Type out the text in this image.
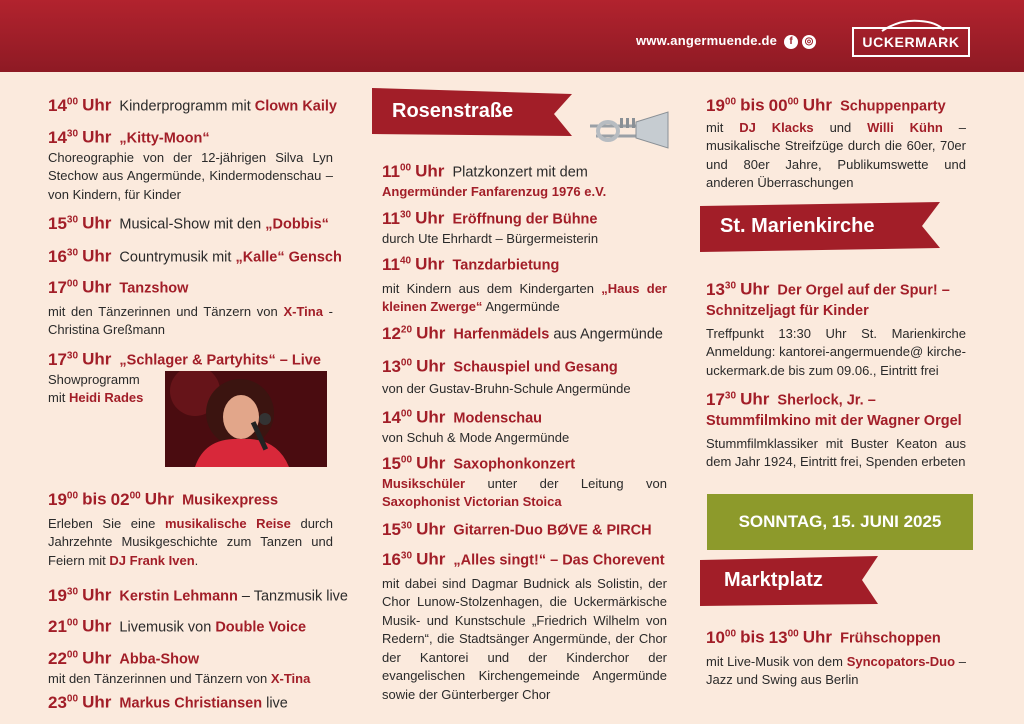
www.angermuende.de	f	◎	UCKERMARK
$14^{00}$ Uhr  Kinderprogramm mit Clown Kaily
$14^{30}$ Uhr „Kitty-Moon“
Choreographie von der 12-jährigen Silva Lyn Stechow aus Angermünde, Kindermodenschau – von Kindern, für Kinder
$15^{30}$ Uhr  Musical-Show mit den „Dobbis“
$16^{30}$ Uhr  Countrymusik mit „Kalle“ Gensch
$17^{00}$ Uhr Tanzshow
mit den Tänzerinnen und Tänzern von X-Tina - Christina Greßmann
$17^{30}$ Uhr „Schlager & Partyhits“ – Live
Showprogramm mit Heidi Rades
$19^{00}$ bis $02^{00}$ Uhr Musikexpress
Erleben Sie eine musikalische Reise durch Jahrzehnte Musikgeschichte zum Tanzen und Feiern mit DJ Frank Iven.
$19^{30}$ Uhr Kerstin Lehmann – Tanzmusik live
$21^{00}$ Uhr  Livemusik von Double Voice
$22^{00}$ Uhr Abba-Show
mit den Tänzerinnen und Tänzern von X-Tina
$23^{00}$ Uhr Markus Christiansen live
Rosenstraße
$11^{00}$ Uhr  Platzkonzert mit dem
Angermünder Fanfarenzug 1976 e.V.
$11^{30}$ Uhr Eröffnung der Bühne
durch Ute Ehrhardt – Bürgermeisterin
$11^{40}$ Uhr Tanzdarbietung
mit Kindern aus dem Kindergarten „Haus der kleinen Zwerge“ Angermünde
$12^{20}$ Uhr Harfenmädels aus Angermünde
$13^{00}$ Uhr Schauspiel und Gesang
von der Gustav-Bruhn-Schule Angermünde
$14^{00}$ Uhr Modenschau
von Schuh & Mode Angermünde
$15^{00}$ Uhr Saxophonkonzert
Musikschüler unter der Leitung von Saxophonist Victorian Stoica
$15^{30}$ Uhr Gitarren-Duo BØVE & PIRCH
$16^{30}$ Uhr „Alles singt!“ – Das Chorevent
mit dabei sind Dagmar Budnick als Solistin, der Chor Lunow-Stolzenhagen, die Uckermärkische Musik- und Kunstschule „Friedrich Wilhelm von Redern“, die Stadtsänger Angermünde, der Chor der Kantorei und der Kinderchor der evangelischen Kirchengemeinde Angermünde sowie der Günterberger Chor
$19^{00}$ bis $00^{00}$ Uhr Schuppenparty
mit DJ Klacks und Willi Kühn – musikalische Streifzüge durch die 60er, 70er und 80er Jahre, Publikumswette und anderen Überraschungen
$13^{30}$ Uhr Der Orgel auf der Spur! – Schnitzeljagt für Kinder
Treffpunkt 13:30 Uhr St. Marienkirche Anmeldung: kantorei-angermuende@ kirche-uckermark.de bis zum 09.06., Eintritt frei
$17^{30}$ Uhr Sherlock, Jr. – Stummfilmkino mit der Wagner Orgel
Stummfilmklassiker mit Buster Keaton aus dem Jahr 1924, Eintritt frei, Spenden erbeten
$10^{00}$ bis $13^{00}$ Uhr Frühschoppen
mit Live-Musik von dem Syncopators-Duo – Jazz und Swing aus Berlin
St. Marienkirche
SONNTAG, 15. JUNI 2025
Marktplatz
